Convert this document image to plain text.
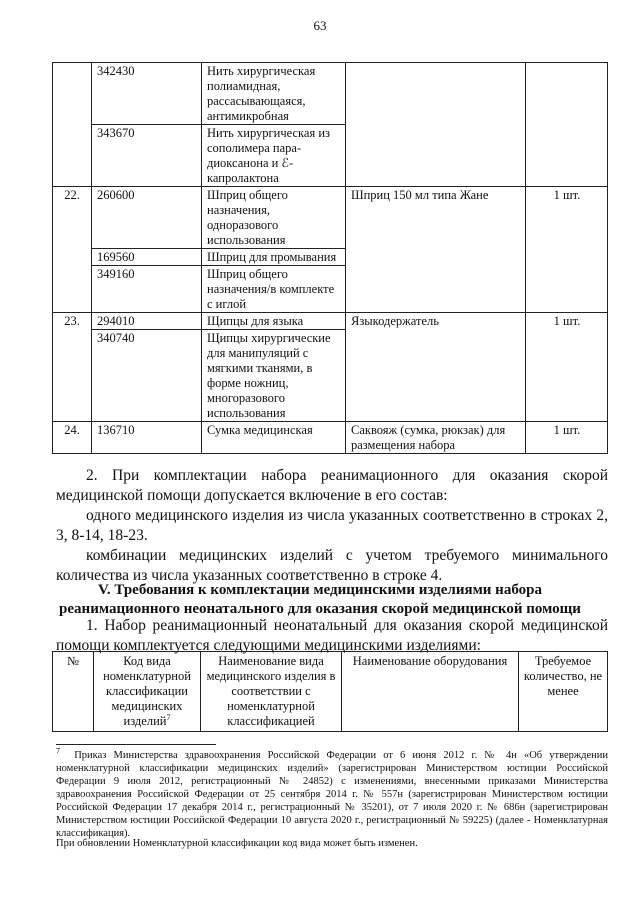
63
	342430	Нить хирургическая полиамидная, рассасывающаяся, антимикробная		
	343670	Нить хирургическая из сополимера пара-диоксанона и ℰ-капролактона		
22.	260600	Шприц общего назначения, одноразового использования	Шприц 150 мл типа Жане	1 шт.
	169560	Шприц для промывания		
	349160	Шприц общего назначения/в комплекте с иглой		
23.	294010	Щипцы для языка	Языкодержатель	1 шт.
	340740	Щипцы хирургические для манипуляций с мягкими тканями, в форме ножниц, многоразового использования		
24.	136710	Сумка медицинская	Саквояж (сумка, рюкзак) для размещения набора	1 шт.
2. При комплектации набора реанимационного для оказания скорой медицинской помощи допускается включение в его состав:
одного медицинского изделия из числа указанных соответственно в строках 2, 3, 8-14, 18-23.
комбинации медицинских изделий с учетом требуемого минимального количества из числа указанных соответственно в строке 4.
V. Требования к комплектации медицинскими изделиями набора
реанимационного неонатального для оказания скорой медицинской помощи
1. Набор реанимационный неонатальный для оказания скорой медицинской помощи комплектуется следующими медицинскими изделиями:
№	Код вида номенклатурной классификации медицинских изделий$^7$	Наименование вида медицинского изделия в соответствии с номенклатурной классификацией	Наименование оборудования	Требуемое количество, не менее
$^7$ Приказ Министерства здравоохранения Российской Федерации от 6 июня 2012 г. № 4н «Об утверждении номенклатурной классификации медицинских изделий» (зарегистрирован Министерством юстиции Российской Федерации 9 июля 2012, регистрационный № 24852) с изменениями, внесенными приказами Министерства здравоохранения Российской Федерации от 25 сентября 2014 г. № 557н (зарегистрирован Министерством юстиции Российской Федерации 17 декабря 2014 г., регистрационный № 35201), от 7 июля 2020 г. № 686н (зарегистрирован Министерством юстиции Российской Федерации 10 августа 2020 г., регистрационный № 59225) (далее - Номенклатурная классификация).
При обновлении Номенклатурной классификации код вида может быть изменен.
